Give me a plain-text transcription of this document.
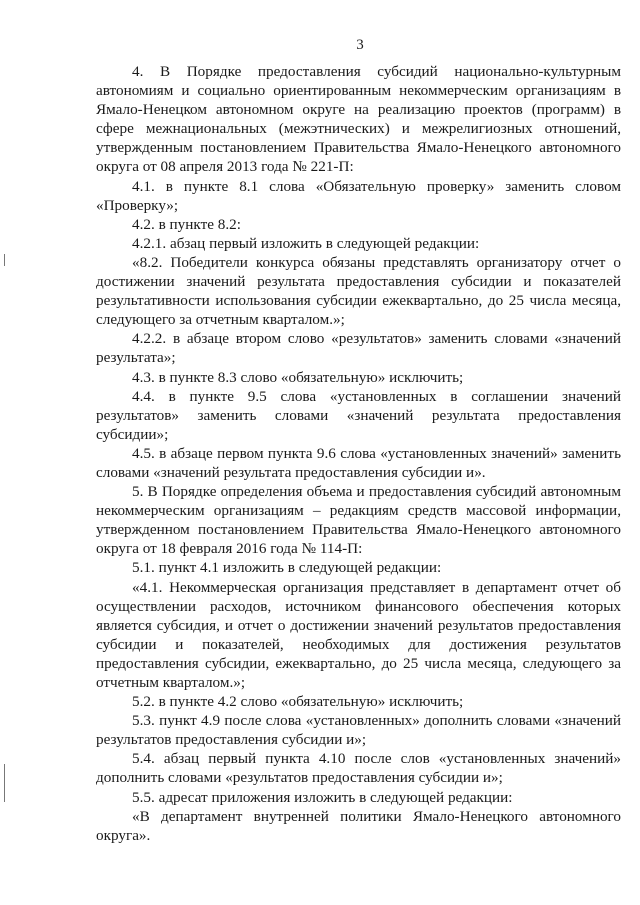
3

4. В Порядке предоставления субсидий национально-культурным автономиям и социально ориентированным некоммерческим организациям в Ямало-Ненецком автономном округе на реализацию проектов (программ) в сфере межнациональных (межэтнических) и межрелигиозных отношений, утвержденным постановлением Правительства Ямало-Ненецкого автономного округа от 08 апреля 2013 года № 221-П:

4.1. в пункте 8.1 слова «Обязательную проверку» заменить словом «Проверку»;

4.2. в пункте 8.2:

4.2.1. абзац первый изложить в следующей редакции:

«8.2. Победители конкурса обязаны представлять организатору отчет о достижении значений результата предоставления субсидии и показателей результативности использования субсидии ежеквартально, до 25 числа месяца, следующего за отчетным кварталом.»;

4.2.2. в абзаце втором слово «результатов» заменить словами «значений результата»;

4.3. в пункте 8.3 слово «обязательную» исключить;

4.4. в пункте 9.5 слова «установленных в соглашении значений результатов» заменить словами «значений результата предоставления субсидии»;

4.5. в абзаце первом пункта 9.6 слова «установленных значений» заменить словами «значений результата предоставления субсидии и».

5. В Порядке определения объема и предоставления субсидий автономным некоммерческим организациям – редакциям средств массовой информации, утвержденном постановлением Правительства Ямало-Ненецкого автономного округа от 18 февраля 2016 года № 114-П:

5.1. пункт 4.1 изложить в следующей редакции:

«4.1. Некоммерческая организация представляет в департамент отчет об осуществлении расходов, источником финансового обеспечения которых является субсидия, и отчет о достижении значений результатов предоставления субсидии и показателей, необходимых для достижения результатов предоставления субсидии, ежеквартально, до 25 числа месяца, следующего за отчетным кварталом.»;

5.2. в пункте 4.2 слово «обязательную» исключить;

5.3. пункт 4.9 после слова «установленных» дополнить словами «значений результатов предоставления субсидии и»;

5.4. абзац первый пункта 4.10 после слов «установленных значений» дополнить словами «результатов предоставления субсидии и»;

5.5. адресат приложения изложить в следующей редакции:

«В департамент внутренней политики Ямало-Ненецкого автономного округа».
